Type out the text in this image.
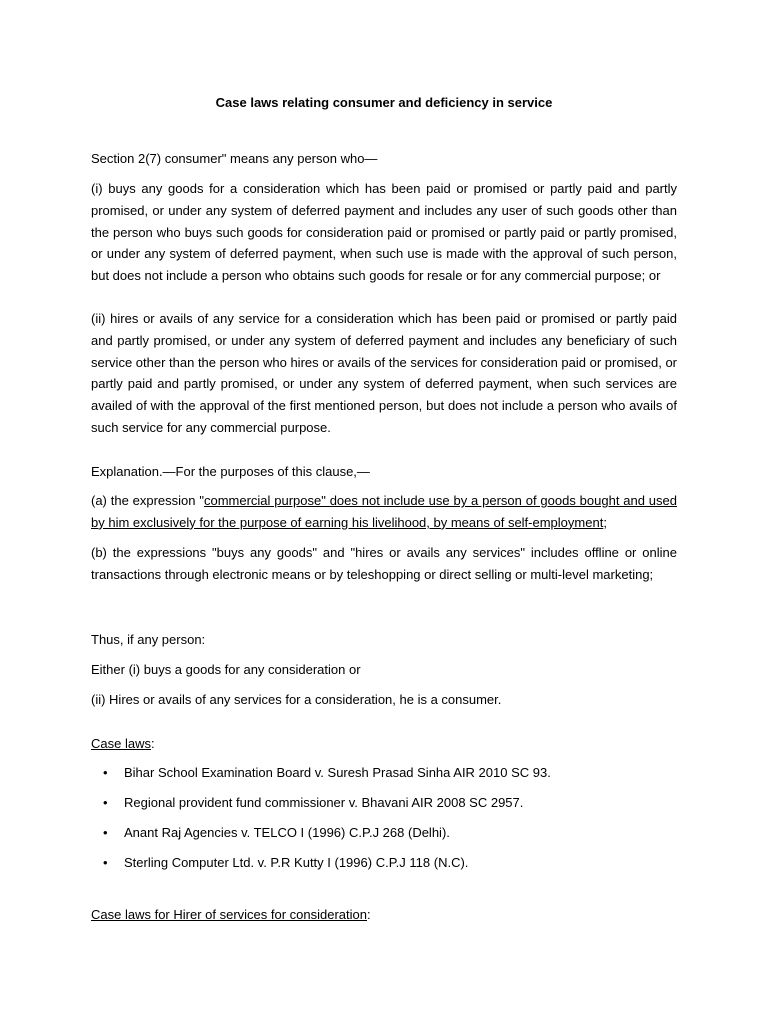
Case laws relating consumer and deficiency in service
Section 2(7) consumer" means any person who—
(i) buys any goods for a consideration which has been paid or promised or partly paid and partly promised, or under any system of deferred payment and includes any user of such goods other than the person who buys such goods for consideration paid or promised or partly paid or partly promised, or under any system of deferred payment, when such use is made with the approval of such person, but does not include a person who obtains such goods for resale or for any commercial purpose; or
(ii) hires or avails of any service for a consideration which has been paid or promised or partly paid and partly promised, or under any system of deferred payment and includes any beneficiary of such service other than the person who hires or avails of the services for consideration paid or promised, or partly paid and partly promised, or under any system of deferred payment, when such services are availed of with the approval of the first mentioned person, but does not include a person who avails of such service for any commercial purpose.
Explanation.—For the purposes of this clause,—
(a) the expression "commercial purpose" does not include use by a person of goods bought and used by him exclusively for the purpose of earning his livelihood, by means of self-employment;
(b) the expressions "buys any goods" and "hires or avails any services" includes offline or online transactions through electronic means or by teleshopping or direct selling or multi-level marketing;
Thus, if any person:
Either (i) buys a goods for any consideration or
(ii) Hires or avails of any services for a consideration, he is a consumer.
Case laws:
• Bihar School Examination Board v. Suresh Prasad Sinha AIR 2010 SC 93.
• Regional provident fund commissioner v. Bhavani AIR 2008 SC 2957.
• Anant Raj Agencies v. TELCO I (1996) C.P.J 268 (Delhi).
• Sterling Computer Ltd. v. P.R Kutty I (1996) C.P.J 118 (N.C).
Case laws for Hirer of services for consideration:
